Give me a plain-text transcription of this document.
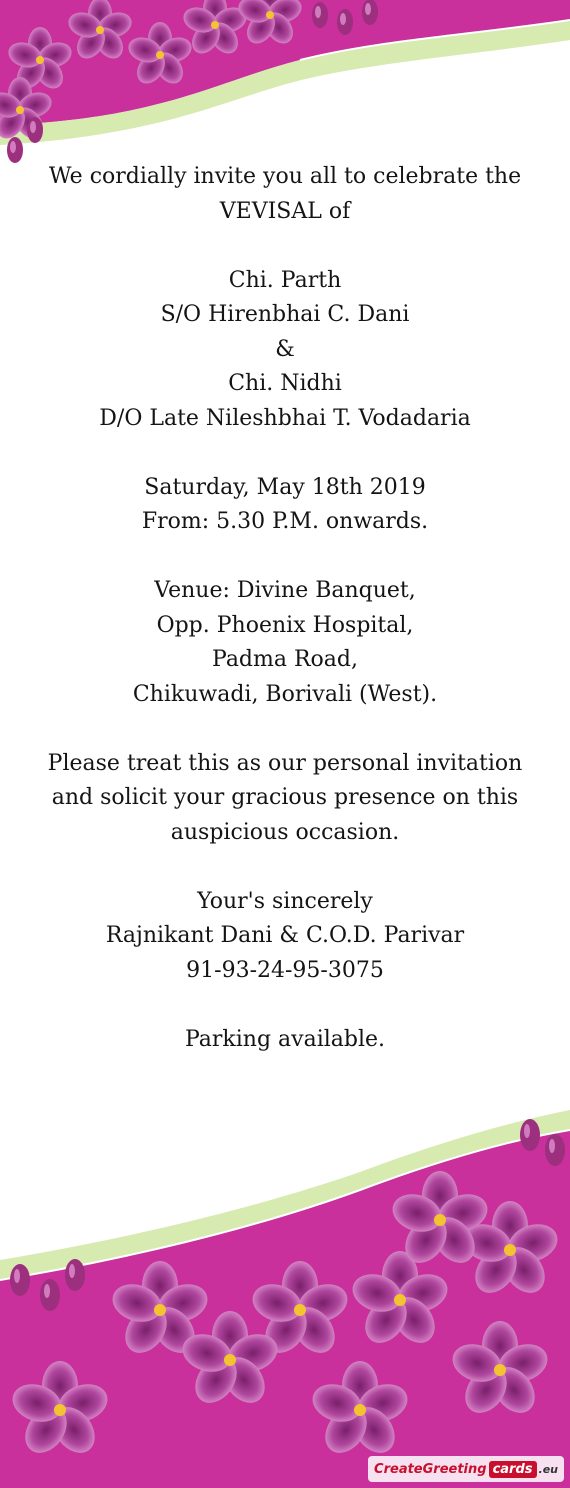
We cordially invite you all to celebrate the VEVISAL of
Chi. Parth
S/O Hirenbhai C. Dani
&
Chi. Nidhi
D/O Late Nileshbhai T. Vodadaria
Saturday, May 18th 2019
From: 5.30 P.M. onwards.
Venue: Divine Banquet,
Opp. Phoenix Hospital,
Padma Road,
Chikuwadi, Borivali (West).
Please treat this as our personal invitation and solicit your gracious presence on this auspicious occasion.
Your's sincerely
Rajnikant Dani & C.O.D. Parivar
91-93-24-95-3075
Parking available.
CreateGreeting cards .eu
